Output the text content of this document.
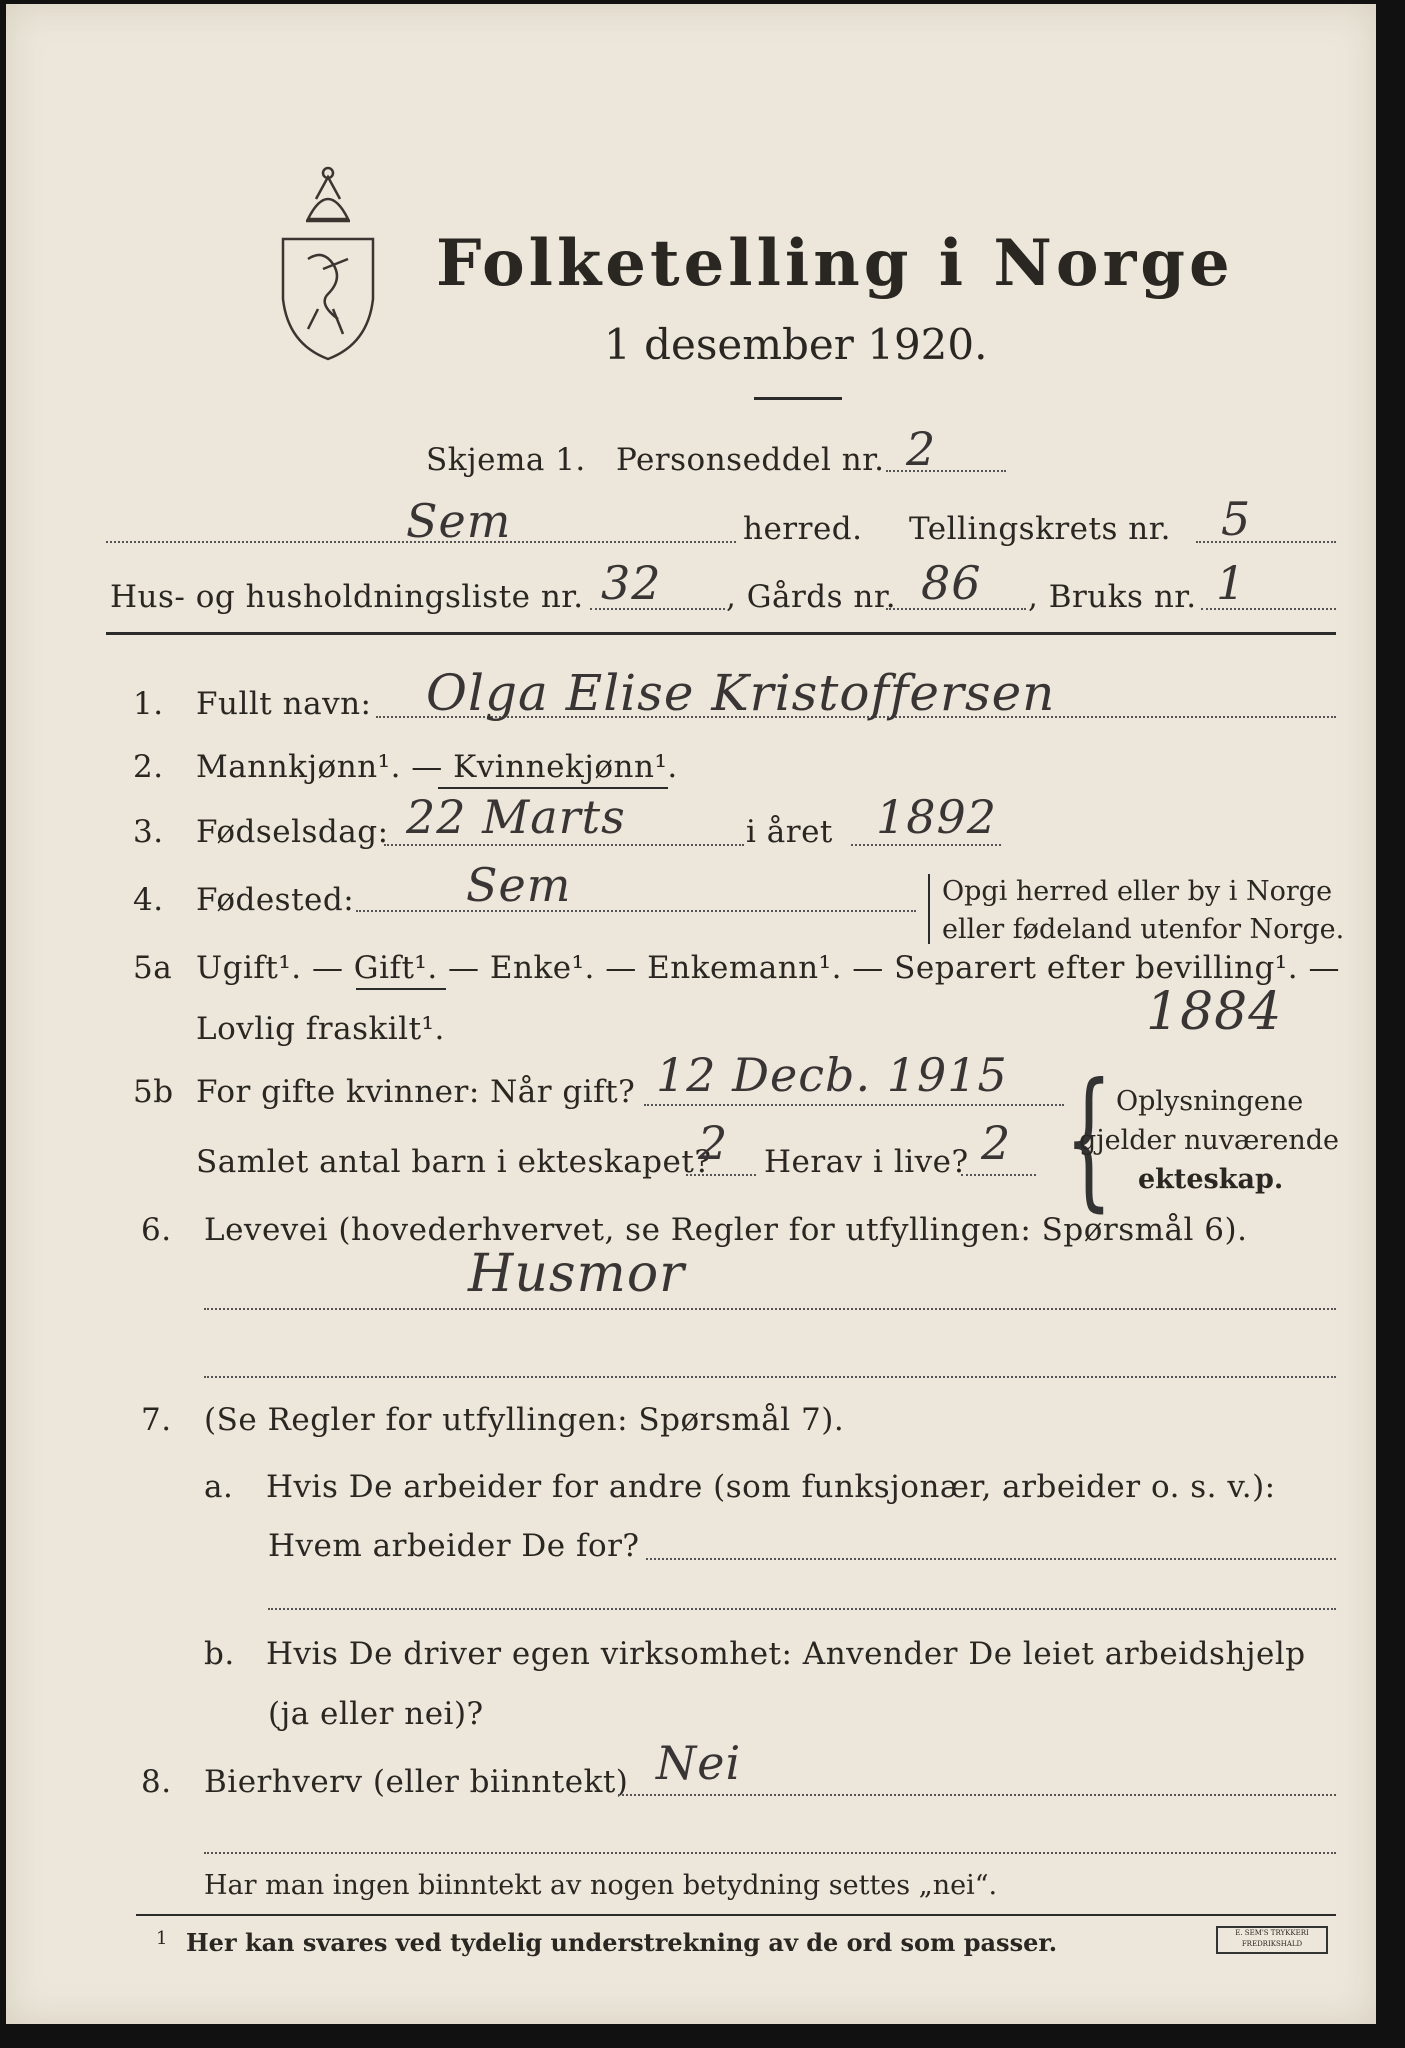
Folketelling i Norge
1 desember 1920.
Skjema 1. Personseddel nr. 2
Sem	herred. Tellingskrets nr. 5
Hus- og husholdningsliste nr. 32 , Gårds nr. 86 , Bruks nr. 1
1. Fullt navn: Olga Elise Kristoffersen
2. Mannkjønn¹. — Kvinnekjønn¹.
3. Fødselsdag: 22 Marts	i året 1892
4. Fødested: Sem	Opgi herred eller by i Norge
eller fødeland utenfor Norge.
5a Ugift¹. — Gift¹. — Enke¹. — Enkemann¹. — Separert efter bevilling¹. —
Lovlig fraskilt¹.	1884
5b For gifte kvinner: Når gift? 12 Decb. 1915
Samlet antal barn i ekteskapet?
2 Herav i live? 2 { Oplysningene
gjelder nuværende
ekteskap.
6. Levevei (hovederhvervet, se Regler for utfyllingen: Spørsmål 6).
Husmor
7. (Se Regler for utfyllingen: Spørsmål 7).
a. Hvis De arbeider for andre (som funksjonær, arbeider o. s. v.):
Hvem arbeider De for?
b. Hvis De driver egen virksomhet: Anvender De leiet arbeidshjelp
(ja eller nei)?
8. Bierhverv (eller biinntekt) Nei
Har man ingen biinntekt av nogen betydning settes „nei“.
1 Her kan svares ved tydelig understrekning av de ord som passer.	E. SEM'S TRYKKERI FREDRIKSHALD
